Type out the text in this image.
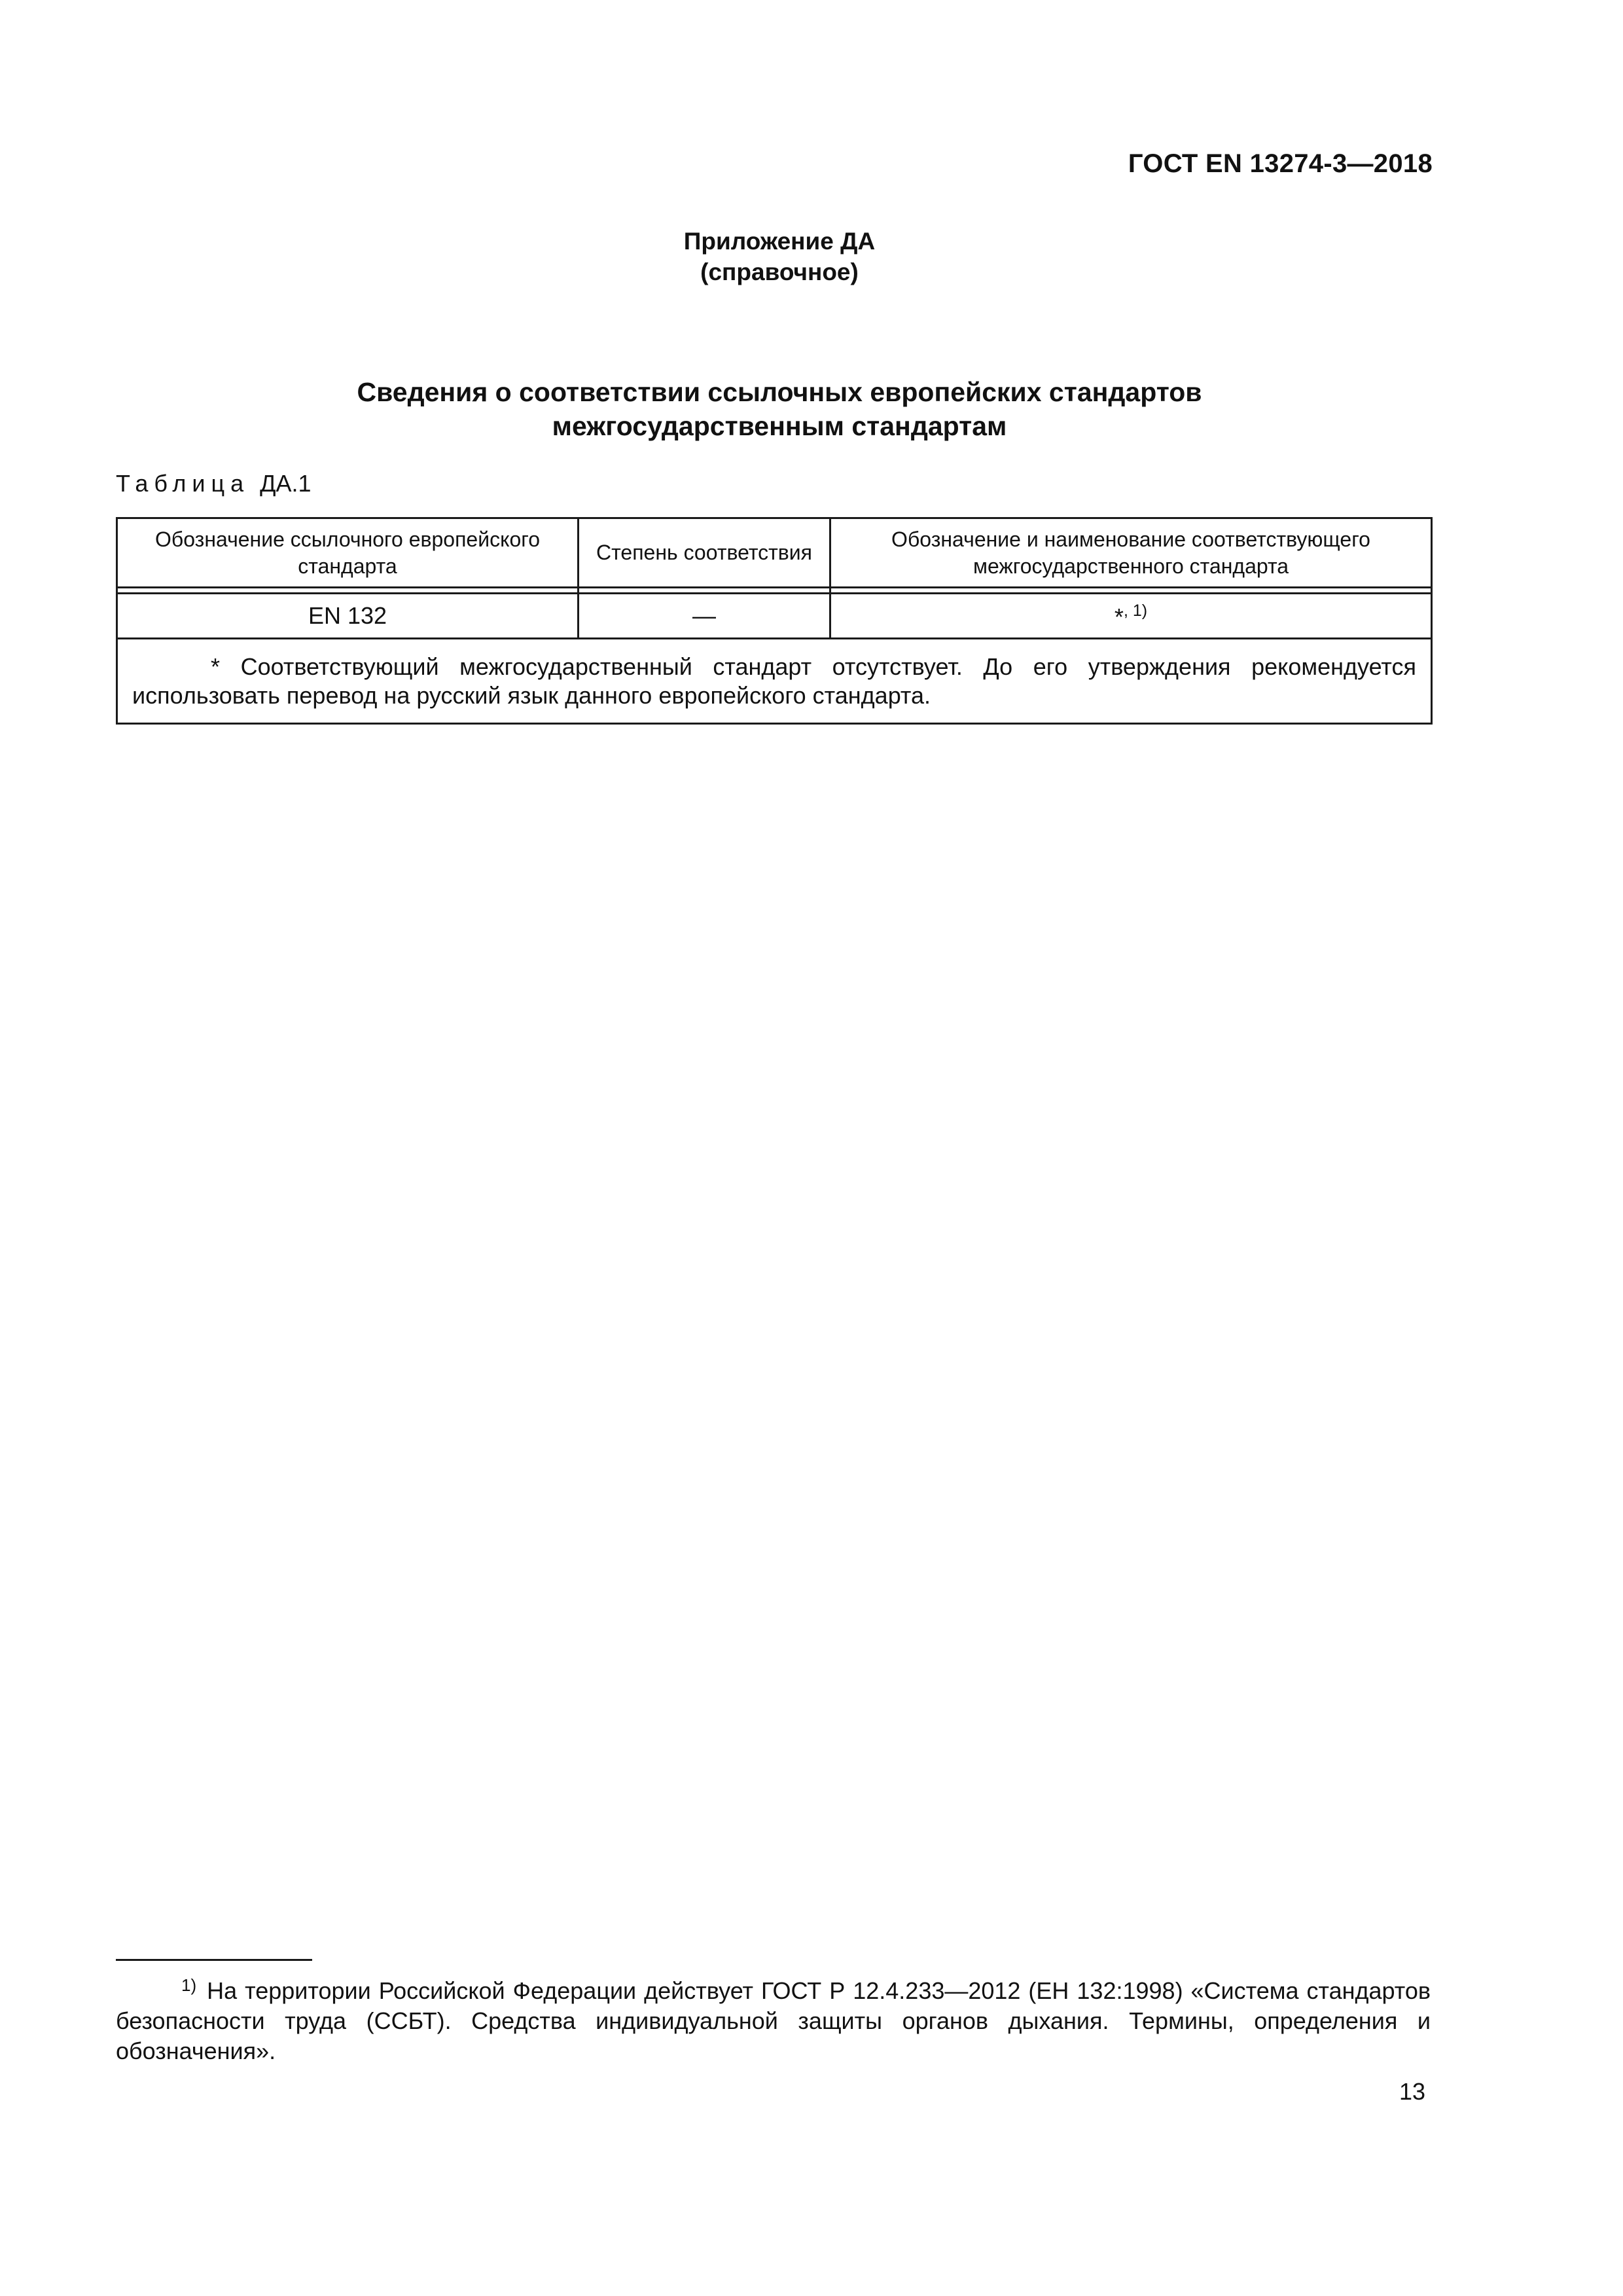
ГОСТ EN 13274-3—2018
Приложение ДА
(справочное)
Сведения о соответствии ссылочных европейских стандартов
межгосударственным стандартам
Таблица ДА.1
Обозначение ссылочного европейского стандарта	Степень соответствия	Обозначение и наименование соответствующего межгосударственного стандарта

EN 132	—	*$^{, 1)}$

* Соответствующий межгосударственный стандарт отсутствует. До его утверждения рекомендуется использовать перевод на русский язык данного европейского стандарта.		
$^{1)}$ На территории Российской Федерации действует ГОСТ Р 12.4.233—2012 (ЕН 132:1998) «Система стандартов безопасности труда (ССБТ). Средства индивидуальной защиты органов дыхания. Термины, определения и обозначения».
13
